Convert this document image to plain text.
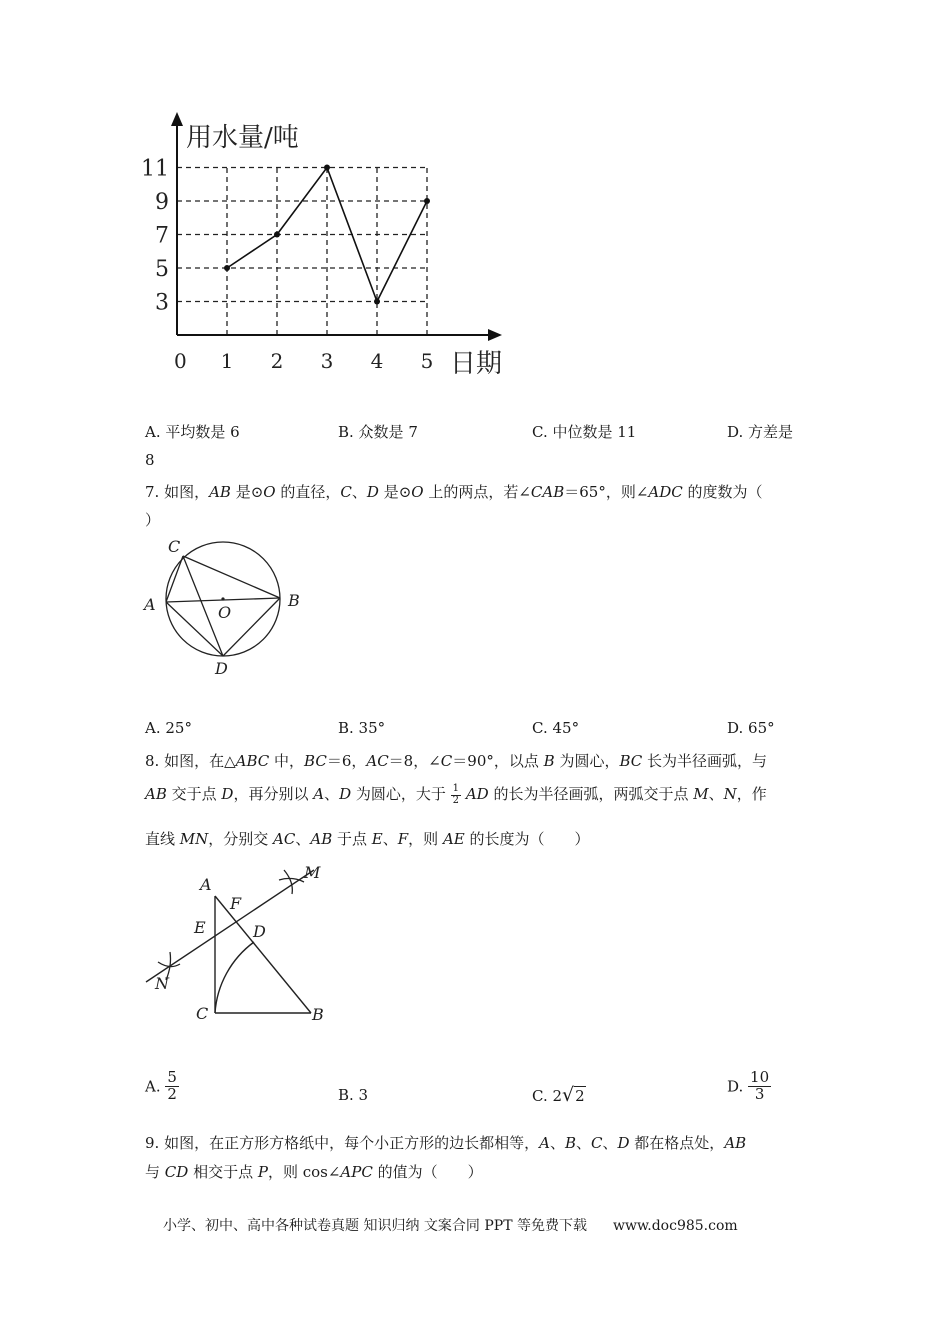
用水量/吨
日期
0
3
5
7
9
11
1 2 3 4 5
A. 平均数是 6	B. 众数是 7	C. 中位数是 11	D. 方差是
8
7. 如图，AB 是⊙O 的直径，C、D 是⊙O 上的两点，若∠CAB＝65°，则∠ADC 的度数为（
）
C
A	O
B
D
A. 25°	B. 35°	C. 45°	D. 65°
8. 如图，在△ABC 中，BC＝6，AC＝8，∠C＝90°，以点 B 为圆心，BC 长为半径画弧，与
AB 交于点 D，再分别以 A、D 为圆心，大于 $\frac{1}{2}$ AD 的长为半径画弧，两弧交于点 M、N，作
直线 MN，分别交 AC、AB 于点 E、F，则 AE 的长度为（　　）
A
F
M
E	D
N
C	B
A. $\frac{5}{2}$	B. 3	C. 2√2
D. $\frac{10}{3}$
9. 如图，在正方形方格纸中，每个小正方形的边长都相等，A、B、C、D 都在格点处，AB
与 CD 相交于点 P，则 cos∠APC 的值为（　　）
小学、初中、高中各种试卷真题 知识归纳 文案合同 PPT 等免费下载 www.doc985.com
